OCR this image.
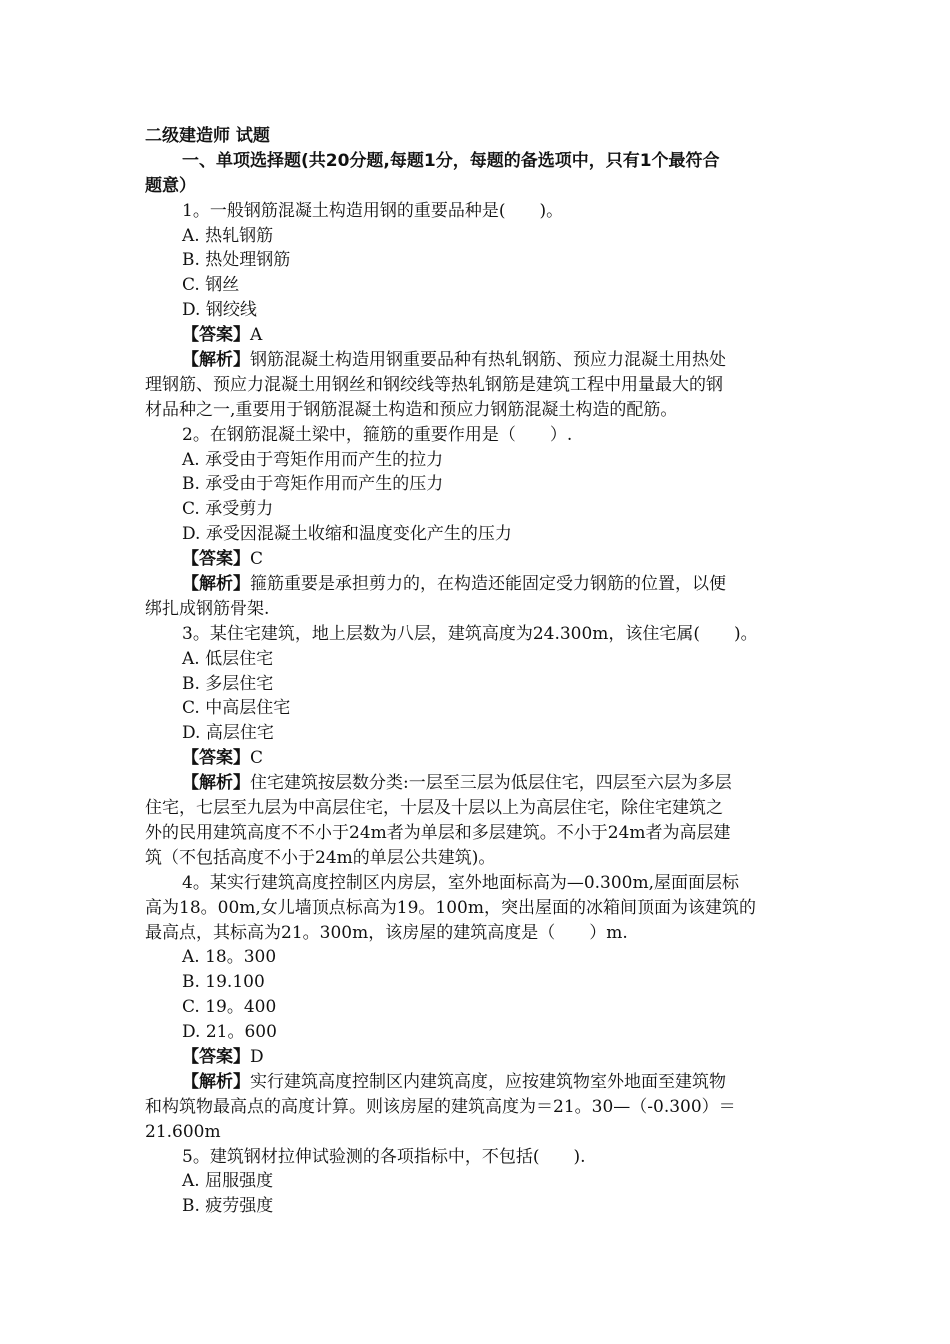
二级建造师 试题
一、单项选择题(共20分题,每题1分，每题的备选项中，只有1个最符合
题意）
1。一般钢筋混凝土构造用钢的重要品种是(　　)。
A. 热轧钢筋
B. 热处理钢筋
C. 钢丝
D. 钢绞线
【答案】A
【解析】钢筋混凝土构造用钢重要品种有热轧钢筋、预应力混凝土用热处
理钢筋、预应力混凝土用钢丝和钢绞线等热轧钢筋是建筑工程中用量最大的钢
材品种之一,重要用于钢筋混凝土构造和预应力钢筋混凝土构造的配筋。
2。在钢筋混凝土梁中，箍筋的重要作用是（　　）.
A. 承受由于弯矩作用而产生的拉力
B. 承受由于弯矩作用而产生的压力
C. 承受剪力
D. 承受因混凝土收缩和温度变化产生的压力
【答案】C
【解析】箍筋重要是承担剪力的，在构造还能固定受力钢筋的位置，以便
绑扎成钢筋骨架.
3。某住宅建筑，地上层数为八层，建筑高度为24.300m，该住宅属(　　)。
A. 低层住宅
B. 多层住宅
C. 中高层住宅
D. 高层住宅
【答案】C
【解析】住宅建筑按层数分类:一层至三层为低层住宅，四层至六层为多层
住宅，七层至九层为中高层住宅，十层及十层以上为高层住宅，除住宅建筑之
外的民用建筑高度不不小于24m者为单层和多层建筑。不小于24m者为高层建
筑（不包括高度不小于24m的单层公共建筑)。
4。某实行建筑高度控制区内房层，室外地面标高为—0.300m,屋面面层标
高为18。00m,女儿墙顶点标高为19。100m，突出屋面的冰箱间顶面为该建筑的
最高点，其标高为21。300m，该房屋的建筑高度是（　　）m.
A. 18。300
B. 19.100
C. 19。400
D. 21。600
【答案】D
【解析】实行建筑高度控制区内建筑高度，应按建筑物室外地面至建筑物
和构筑物最高点的高度计算。则该房屋的建筑高度为＝21。30—（-0.300）＝
21.600m
5。建筑钢材拉伸试验测的各项指标中，不包括(　　).
A. 屈服强度
B. 疲劳强度
